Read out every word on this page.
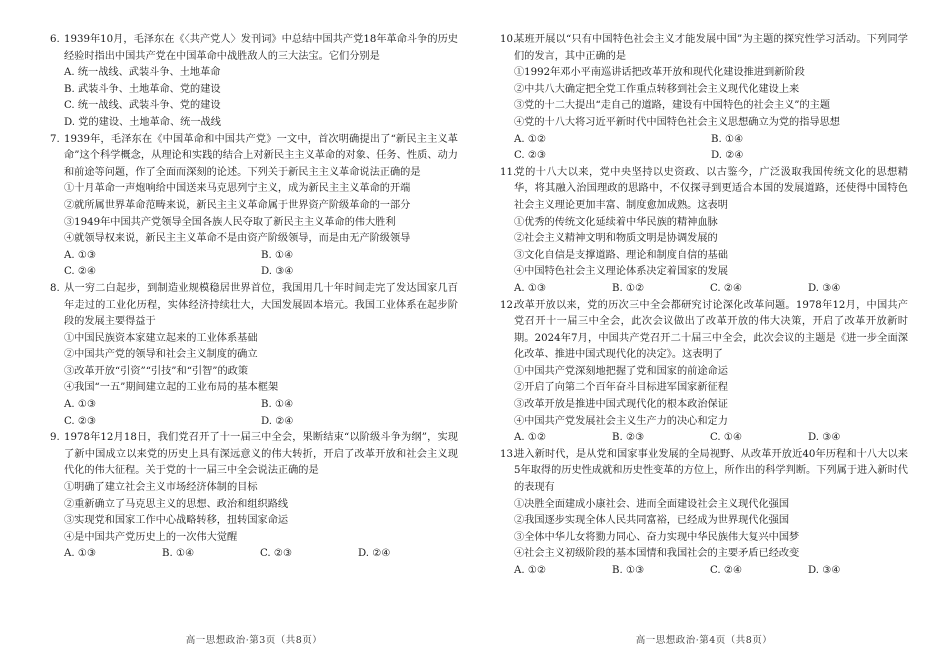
6. 1939年10月，毛泽东在《〈共产党人〉发刊词》中总结中国共产党18年革命斗争的历史经验时指出中国共产党在中国革命中战胜敌人的三大法宝。它们分别是

A. 统一战线、武装斗争、土地革命

B. 武装斗争、土地革命、党的建设

C. 统一战线、武装斗争、党的建设

D. 党的建设、土地革命、统一战线

7. 1939年，毛泽东在《中国革命和中国共产党》一文中，首次明确提出了“新民主主义革命”这个科学概念，从理论和实践的结合上对新民主主义革命的对象、任务、性质、动力和前途等问题，作了全面而深刻的论述。下列关于新民主主义革命说法正确的是

①十月革命一声炮响给中国送来马克思列宁主义，成为新民主主义革命的开端

②就所属世界革命范畴来说，新民主主义革命属于世界资产阶级革命的一部分

③1949年中国共产党领导全国各族人民夺取了新民主主义革命的伟大胜利

④就领导权来说，新民主主义革命不是由资产阶级领导，而是由无产阶级领导

A. ①③	B. ①④
C. ②④	D. ③④

8. 从一穷二白起步，到制造业规模稳居世界首位，我国用几十年时间走完了发达国家几百年走过的工业化历程，实体经济持续壮大，大国发展固本培元。我国工业体系在起步阶段的发展主要得益于

①中国民族资本家建立起来的工业体系基础

②中国共产党的领导和社会主义制度的确立

③改革开放“引资”“引技”和“引智”的政策

④我国“一五”期间建立起的工业布局的基本框架

A. ①③	B. ①④
C. ②③	D. ②④

9. 1978年12月18日，我们党召开了十一届三中全会，果断结束“以阶级斗争为纲”，实现了新中国成立以来党的历史上具有深远意义的伟大转折，开启了改革开放和社会主义现代化的伟大征程。关于党的十一届三中全会说法正确的是

①明确了建立社会主义市场经济体制的目标

②重新确立了马克思主义的思想、政治和组织路线

③实现党和国家工作中心战略转移，扭转国家命运

④是中国共产党历史上的一次伟大觉醒

A. ①③	B. ①④	C. ②③	D. ②④

10.某班开展以“只有中国特色社会主义才能发展中国”为主题的探究性学习活动。下列同学们的发言，其中正确的是

①1992年邓小平南巡讲话把改革开放和现代化建设推进到新阶段

②中共八大确定把全党工作重点转移到社会主义现代化建设上来

③党的十二大提出“走自己的道路，建设有中国特色的社会主义”的主题

④党的十八大将习近平新时代中国特色社会主义思想确立为党的指导思想

A. ①②	B. ①④
C. ②③	D. ②④

11.党的十八大以来，党中央坚持以史资政、以古鉴今，广泛汲取我国传统文化的思想精华，将其融入治国理政的思路中，不仅探寻到更适合本国的发展道路，还使得中国特色社会主义理论更加丰富、制度愈加成熟。这表明

①优秀的传统文化延续着中华民族的精神血脉

②社会主义精神文明和物质文明是协调发展的

③文化自信是支撑道路、理论和制度自信的基础

④中国特色社会主义理论体系决定着国家的发展

A. ①③	B. ①②	C. ②④	D. ③④

12.改革开放以来，党的历次三中全会都研究讨论深化改革问题。1978年12月，中国共产党召开十一届三中全会，此次会议做出了改革开放的伟大决策，开启了改革开放新时期。2024年7月，中国共产党召开二十届三中全会，此次会议的主题是《进一步全面深化改革、推进中国式现代化的决定》。这表明了

①中国共产党深刻地把握了党和国家的前途命运

②开启了向第二个百年奋斗目标进军国家新征程

③改革开放是推进中国式现代化的根本政治保证

④中国共产党发展社会主义生产力的决心和定力

A. ①②	B. ②③	C. ①④	D. ③④

13.进入新时代，是从党和国家事业发展的全局视野、从改革开放近40年历程和十八大以来5年取得的历史性成就和历史性变革的方位上，所作出的科学判断。下列属于进入新时代的表现有

①决胜全面建成小康社会、进而全面建设社会主义现代化强国

②我国逐步实现全体人民共同富裕，已经成为世界现代化强国

③全体中华儿女将勠力同心、奋力实现中华民族伟大复兴中国梦

④社会主义初级阶段的基本国情和我国社会的主要矛盾已经改变

A. ①②	B. ①③	C. ②④	D. ③④
高一思想政治·第3页（共8页）	高一思想政治·第4页（共8页）
